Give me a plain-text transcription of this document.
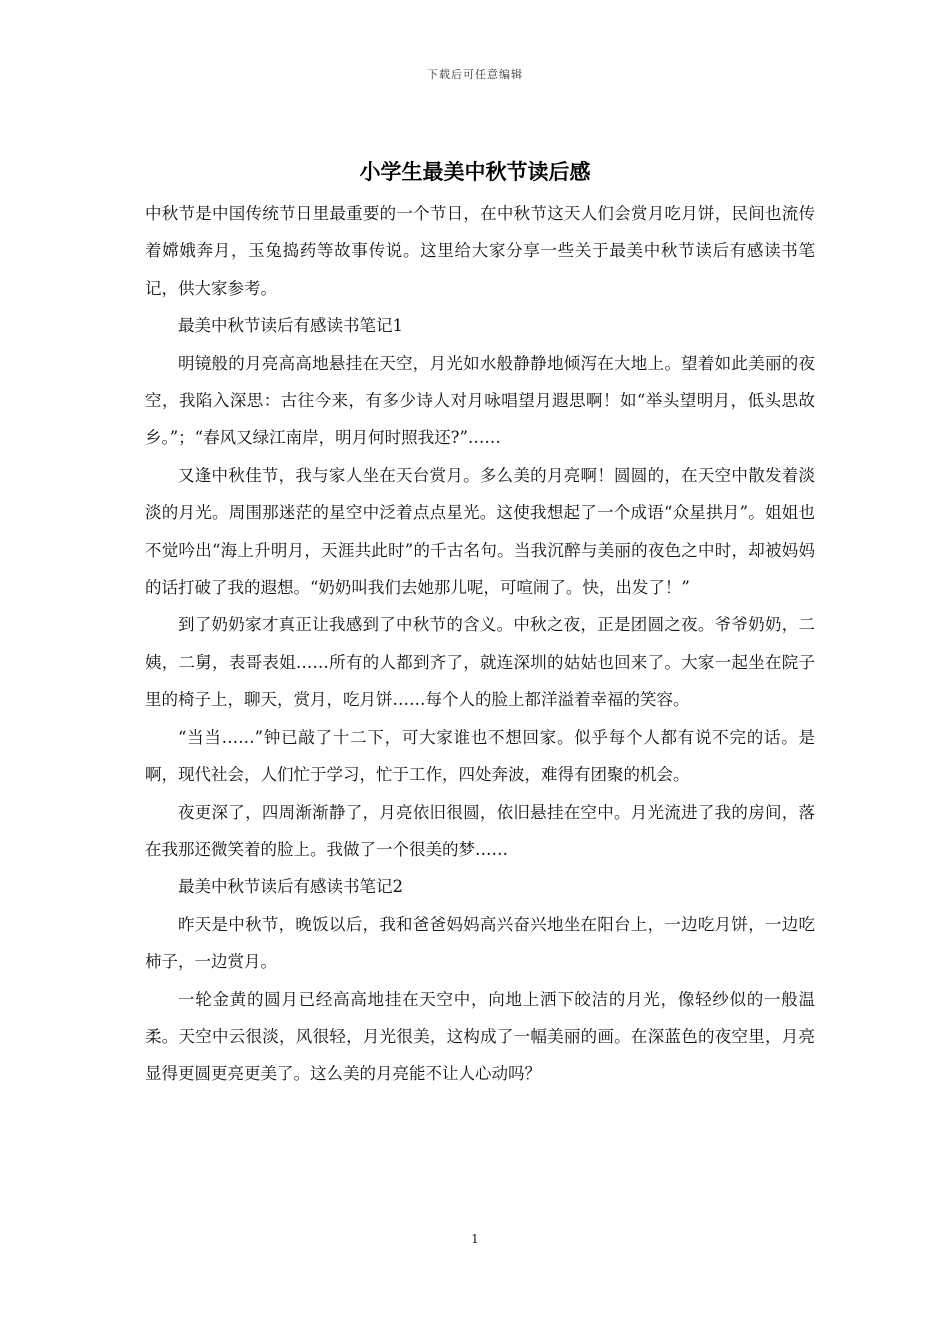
下载后可任意编辑
小学生最美中秋节读后感

中秋节是中国传统节日里最重要的一个节日，在中秋节这天人们会赏月吃月饼，民间也流传着嫦娥奔月，玉兔捣药等故事传说。这里给大家分享一些关于最美中秋节读后有感读书笔记，供大家参考。

最美中秋节读后有感读书笔记1

明镜般的月亮高高地悬挂在天空，月光如水般静静地倾泻在大地上。望着如此美丽的夜空，我陷入深思：古往今来，有多少诗人对月咏唱望月遐思啊！如“举头望明月，低头思故乡。”；“春风又绿江南岸，明月何时照我还?”……

又逢中秋佳节，我与家人坐在天台赏月。多么美的月亮啊！圆圆的，在天空中散发着淡淡的月光。周围那迷茫的星空中泛着点点星光。这使我想起了一个成语“众星拱月”。姐姐也不觉吟出“海上升明月，天涯共此时”的千古名句。当我沉醉与美丽的夜色之中时，却被妈妈的话打破了我的遐想。“奶奶叫我们去她那儿呢，可喧闹了。快，出发了！”

到了奶奶家才真正让我感到了中秋节的含义。中秋之夜，正是团圆之夜。爷爷奶奶，二姨，二舅，表哥表姐……所有的人都到齐了，就连深圳的姑姑也回来了。大家一起坐在院子里的椅子上，聊天，赏月，吃月饼……每个人的脸上都洋溢着幸福的笑容。

“当当……”钟已敲了十二下，可大家谁也不想回家。似乎每个人都有说不完的话。是啊，现代社会，人们忙于学习，忙于工作，四处奔波，难得有团聚的机会。

夜更深了，四周渐渐静了，月亮依旧很圆，依旧悬挂在空中。月光流进了我的房间，落在我那还微笑着的脸上。我做了一个很美的梦……

最美中秋节读后有感读书笔记2

昨天是中秋节，晚饭以后，我和爸爸妈妈高兴奋兴地坐在阳台上，一边吃月饼，一边吃柿子，一边赏月。

一轮金黄的圆月已经高高地挂在天空中，向地上洒下皎洁的月光，像轻纱似的一般温柔。天空中云很淡，风很轻，月光很美，这构成了一幅美丽的画。在深蓝色的夜空里，月亮显得更圆更亮更美了。这么美的月亮能不让人心动吗？

1
